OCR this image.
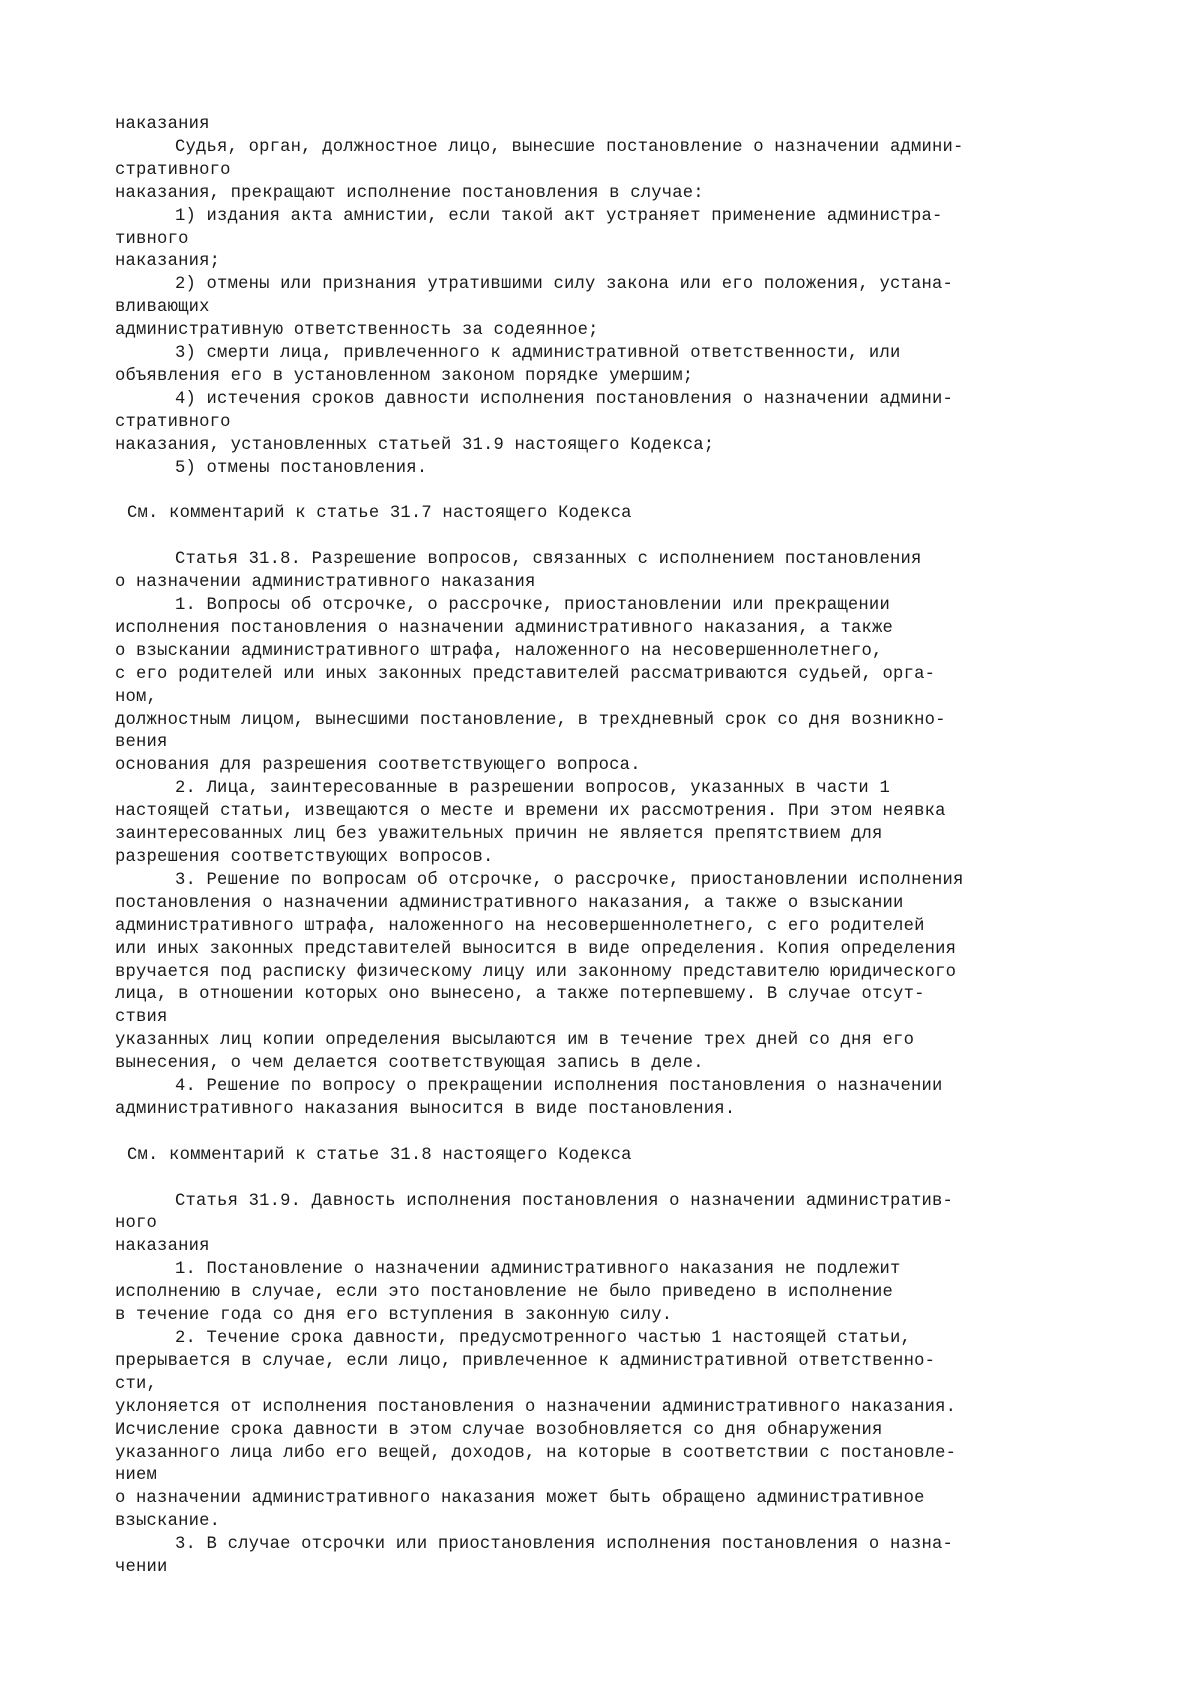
наказания
Судья, орган, должностное лицо, вынесшие постановление о назначении админи-
стративного
наказания, прекращают исполнение постановления в случае:
1) издания акта амнистии, если такой акт устраняет применение администра-
тивного
наказания;
2) отмены или признания утратившими силу закона или его положения, устана-
вливающих
административную ответственность за содеянное;
3) смерти лица, привлеченного к административной ответственности, или
объявления его в установленном законом порядке умершим;
4) истечения сроков давности исполнения постановления о назначении админи-
стративного
наказания, установленных статьей 31.9 настоящего Кодекса;
5) отмены постановления.
См. комментарий к статье 31.7 настоящего Кодекса
Статья 31.8. Разрешение вопросов, связанных с исполнением постановления
о назначении административного наказания
1. Вопросы об отсрочке, о рассрочке, приостановлении или прекращении
исполнения постановления о назначении административного наказания, а также
о взыскании административного штрафа, наложенного на несовершеннолетнего,
с его родителей или иных законных представителей рассматриваются судьей, орга-
ном,
должностным лицом, вынесшими постановление, в трехдневный срок со дня возникно-
вения
основания для разрешения соответствующего вопроса.
2. Лица, заинтересованные в разрешении вопросов, указанных в части 1
настоящей статьи, извещаются о месте и времени их рассмотрения. При этом неявка
заинтересованных лиц без уважительных причин не является препятствием для
разрешения соответствующих вопросов.
3. Решение по вопросам об отсрочке, о рассрочке, приостановлении исполнения
постановления о назначении административного наказания, а также о взыскании
административного штрафа, наложенного на несовершеннолетнего, с его родителей
или иных законных представителей выносится в виде определения. Копия определения
вручается под расписку физическому лицу или законному представителю юридического
лица, в отношении которых оно вынесено, а также потерпевшему. В случае отсут-
ствия
указанных лиц копии определения высылаются им в течение трех дней со дня его
вынесения, о чем делается соответствующая запись в деле.
4. Решение по вопросу о прекращении исполнения постановления о назначении
административного наказания выносится в виде постановления.
См. комментарий к статье 31.8 настоящего Кодекса
Статья 31.9. Давность исполнения постановления о назначении административ-
ного
наказания
1. Постановление о назначении административного наказания не подлежит
исполнению в случае, если это постановление не было приведено в исполнение
в течение года со дня его вступления в законную силу.
2. Течение срока давности, предусмотренного частью 1 настоящей статьи,
прерывается в случае, если лицо, привлеченное к административной ответственно-
сти,
уклоняется от исполнения постановления о назначении административного наказания.
Исчисление срока давности в этом случае возобновляется со дня обнаружения
указанного лица либо его вещей, доходов, на которые в соответствии с постановле-
нием
о назначении административного наказания может быть обращено административное
взыскание.
3. В случае отсрочки или приостановления исполнения постановления о назна-
чении
